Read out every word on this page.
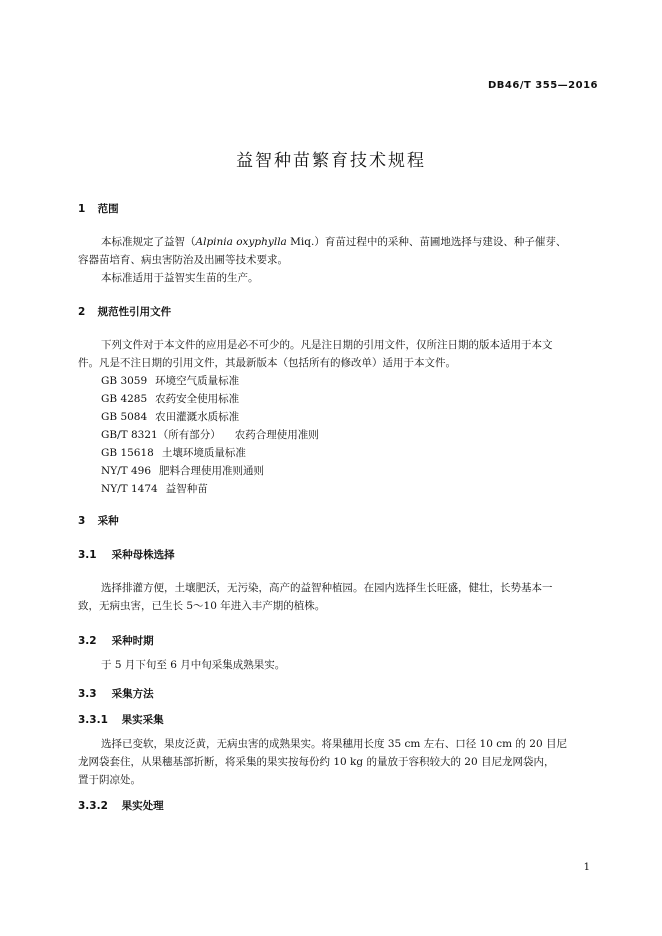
DB46/T 355—2016
益智种苗繁育技术规程
1 范围
本标准规定了益智（Alpinia oxyphylla Miq.）育苗过程中的采种、苗圃地选择与建设、种子催芽、
容器苗培育、病虫害防治及出圃等技术要求。
本标准适用于益智实生苗的生产。
2 规范性引用文件
下列文件对于本文件的应用是必不可少的。凡是注日期的引用文件，仅所注日期的版本适用于本文
件。凡是不注日期的引用文件，其最新版本（包括所有的修改单）适用于本文件。
GB 3059 环境空气质量标准
GB 4285 农药安全使用标准
GB 5084 农田灌溉水质标准
GB/T 8321（所有部分） 农药合理使用准则
GB 15618 土壤环境质量标准
NY/T 496 肥料合理使用准则通则
NY/T 1474 益智种苗
3 采种
3.1 采种母株选择
选择排灌方便，土壤肥沃，无污染，高产的益智种植园。在园内选择生长旺盛，健壮，长势基本一
致，无病虫害，已生长 5～10 年进入丰产期的植株。
3.2 采种时期
于 5 月下旬至 6 月中旬采集成熟果实。
3.3 采集方法
3.3.1 果实采集
选择已变软，果皮泛黄，无病虫害的成熟果实。将果穗用长度 35 cm 左右、口径 10 cm 的 20 目尼
龙网袋套住，从果穗基部折断，将采集的果实按每份约 10 kg 的量放于容积较大的 20 目尼龙网袋内，
置于阴凉处。
3.3.2 果实处理
1
